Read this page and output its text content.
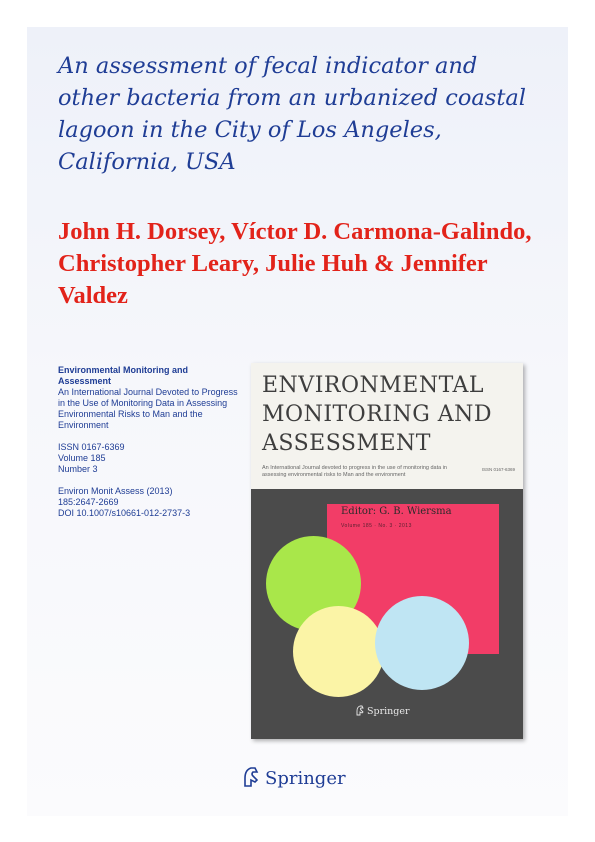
An assessment of fecal indicator and other bacteria from an urbanized coastal lagoon in the City of Los Angeles, California, USA
John H. Dorsey, Víctor D. Carmona-Galindo, Christopher Leary, Julie Huh & Jennifer Valdez
Environmental Monitoring and Assessment
An International Journal Devoted to Progress in the Use of Monitoring Data in Assessing Environmental Risks to Man and the Environment
ISSN 0167-6369
Volume 185
Number 3
Environ Monit Assess (2013)
185:2647-2669
DOI 10.1007/s10661-012-2737-3
ENVIRONMENTAL MONITORING AND ASSESSMENT
An International Journal devoted to progress in the use of monitoring data in assessing environmental risks to Man and the environment
ISSN 0167-6369
Editor: G. B. Wiersma
Volume 185 · No. 3 · 2013
Springer
Springer
